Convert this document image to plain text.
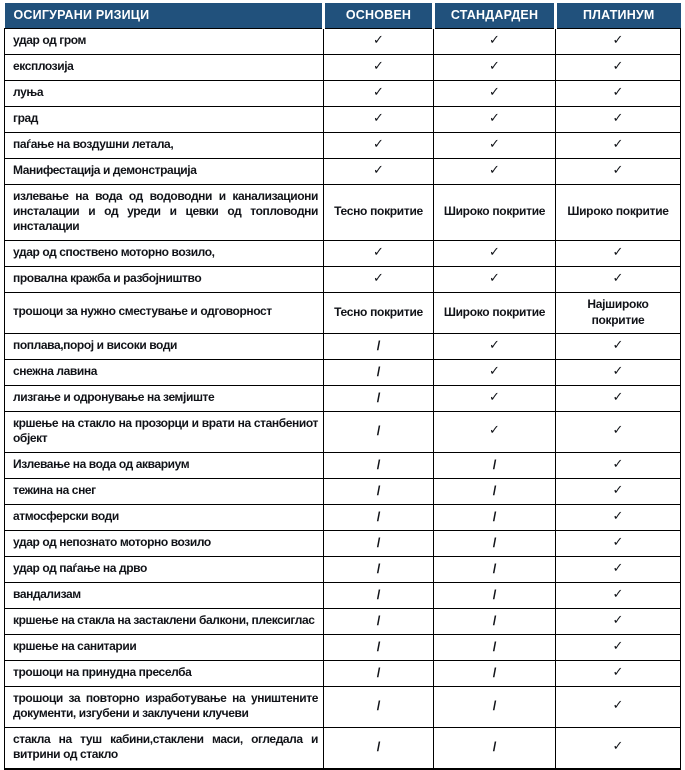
ОСИГУРАНИ РИЗИЦИ	ОСНОВЕН	СТАНДАРДЕН	ПЛАТИНУМ
удар од гром	✓	✓	✓
експлозија	✓	✓	✓
луња	✓	✓	✓
град	✓	✓	✓
паѓање на воздушни летала,	✓	✓	✓
Манифестација и демонстрација	✓	✓	✓
излевање на вода од водоводни и канализациони инсталации и од уреди и цевки од топловодни инсталации	Тесно покритие	Широко покритие	Широко покритие
удар од споствено моторно возило,	✓	✓	✓
провална кражба и разбојништво	✓	✓	✓
трошоци за нужно сместување и одговорност	Тесно покритие	Широко покритие	Најшироко покритие
поплава,порој и високи води	/	✓	✓
снежна лавина	/	✓	✓
лизгање и одронување на земјиште	/	✓	✓
кршење на стакло на прозорци и врати на станбениот објект	/	✓	✓
Излевање на вода од аквариум	/	/	✓
тежина на снег	/	/	✓
атмосферски води	/	/	✓
удар од непознато моторно возило	/	/	✓
удар од паѓање на дрво	/	/	✓
вандализам	/	/	✓
кршење на стакла на застаклени балкони, плексиглас	/	/	✓
кршење на санитарии	/	/	✓
трошоци на принудна преселба	/	/	✓
трошоци за повторно изработување на уништените документи, изгубени и заклучени клучеви	/	/	✓
стакла на туш кабини,стаклени маси, огледала и витрини од стакло	/	/	✓
